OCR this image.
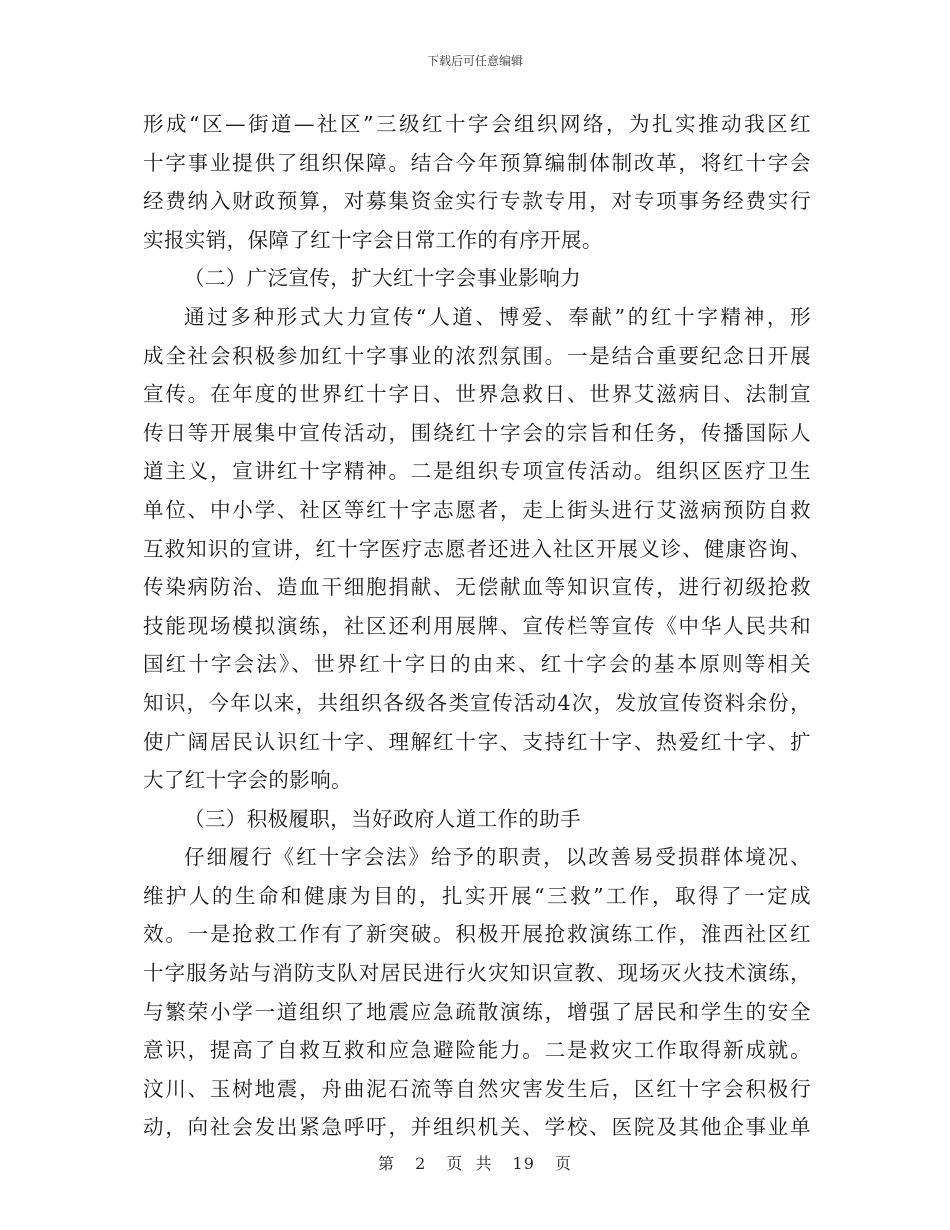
下载后可任意编辑
形成“区—街道—社区”三级红十字会组织网络，为扎实推动我区红
十字事业提供了组织保障。结合今年预算编制体制改革，将红十字会
经费纳入财政预算，对募集资金实行专款专用，对专项事务经费实行
实报实销，保障了红十字会日常工作的有序开展。
（二）广泛宣传，扩大红十字会事业影响力
通过多种形式大力宣传“人道、博爱、奉献”的红十字精神，形
成全社会积极参加红十字事业的浓烈氛围。一是结合重要纪念日开展
宣传。在年度的世界红十字日、世界急救日、世界艾滋病日、法制宣
传日等开展集中宣传活动，围绕红十字会的宗旨和任务，传播国际人
道主义，宣讲红十字精神。二是组织专项宣传活动。组织区医疗卫生
单位、中小学、社区等红十字志愿者，走上街头进行艾滋病预防自救
互救知识的宣讲，红十字医疗志愿者还进入社区开展义诊、健康咨询、
传染病防治、造血干细胞捐献、无偿献血等知识宣传，进行初级抢救
技能现场模拟演练，社区还利用展牌、宣传栏等宣传《中华人民共和
国红十字会法》、世界红十字日的由来、红十字会的基本原则等相关
知识，今年以来，共组织各级各类宣传活动4次，发放宣传资料余份，
使广阔居民认识红十字、理解红十字、支持红十字、热爱红十字、扩
大了红十字会的影响。
（三）积极履职，当好政府人道工作的助手
仔细履行《红十字会法》给予的职责，以改善易受损群体境况、
维护人的生命和健康为目的，扎实开展“三救”工作，取得了一定成
效。一是抢救工作有了新突破。积极开展抢救演练工作，淮西社区红
十字服务站与消防支队对居民进行火灾知识宣教、现场灭火技术演练，
与繁荣小学一道组织了地震应急疏散演练，增强了居民和学生的安全
意识，提高了自救互救和应急避险能力。二是救灾工作取得新成就。
汶川、玉树地震，舟曲泥石流等自然灾害发生后，区红十字会积极行
动，向社会发出紧急呼吁，并组织机关、学校、医院及其他企事业单
第 2 页 共 19 页
